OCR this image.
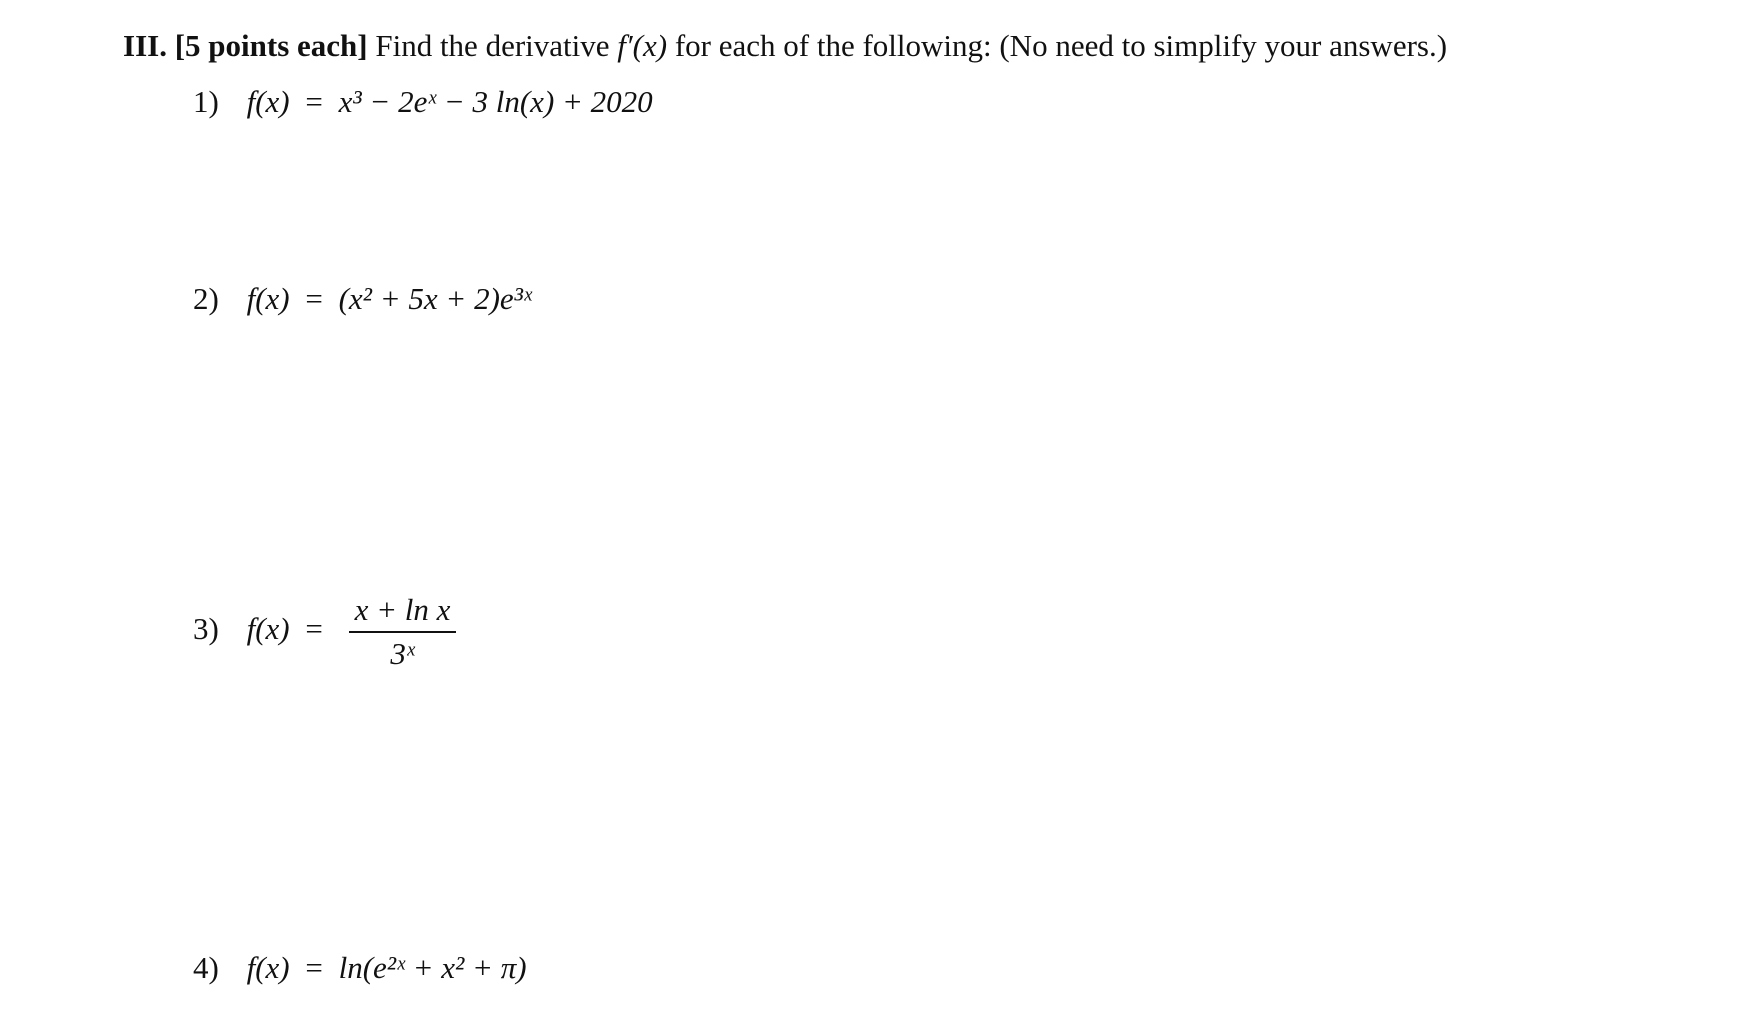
III. [5 points each] Find the derivative f′(x) for each of the following: (No need to simplify your answers.)
1) f(x) = x³ − 2eˣ − 3 ln(x) + 2020
2) f(x) = (x² + 5x + 2)e³ˣ
3) $f(x) = \frac{\text{x + ln x}}{\text{3ˣ}}$
4) f(x) = ln(e²ˣ + x² + π)
